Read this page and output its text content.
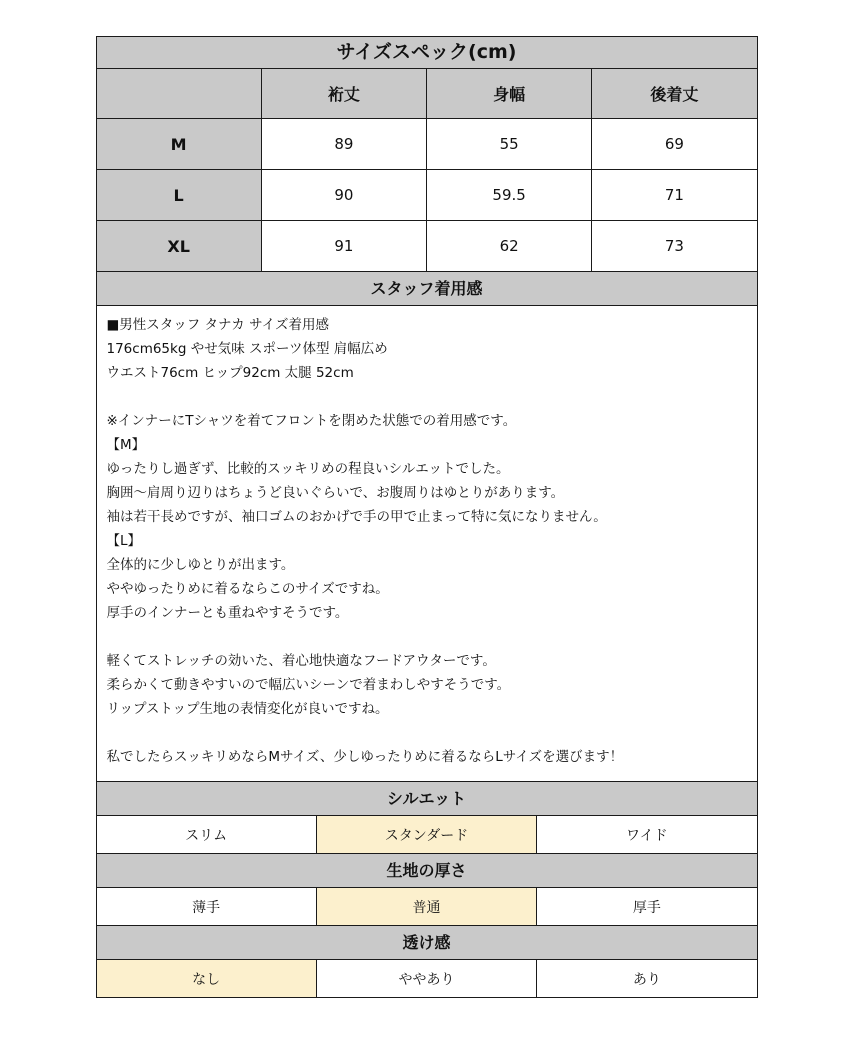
サイズスペック(cm)
	裄丈	身幅	後着丈
M	89	55	69
L	90	59.5	71
XL	91	62	73
スタッフ着用感
■男性スタッフ タナカ サイズ着用感
176cm65kg やせ気味 スポーツ体型 肩幅広め
ウエスト76cm ヒップ92cm 太腿 52cm
※インナーにTシャツを着てフロントを閉めた状態での着用感です。
【M】
ゆったりし過ぎず、比較的スッキリめの程良いシルエットでした。
胸囲〜肩周り辺りはちょうど良いぐらいで、お腹周りはゆとりがあります。
袖は若干長めですが、袖口ゴムのおかげで手の甲で止まって特に気になりません。
【L】
全体的に少しゆとりが出ます。
ややゆったりめに着るならこのサイズですね。
厚手のインナーとも重ねやすそうです。
軽くてストレッチの効いた、着心地快適なフードアウターです。
柔らかくて動きやすいので幅広いシーンで着まわしやすそうです。
リップストップ生地の表情変化が良いですね。
私でしたらスッキリめならMサイズ、少しゆったりめに着るならLサイズを選びます！
シルエット
スリム	スタンダード	ワイド
生地の厚さ
薄手	普通	厚手
透け感
なし	ややあり	あり
